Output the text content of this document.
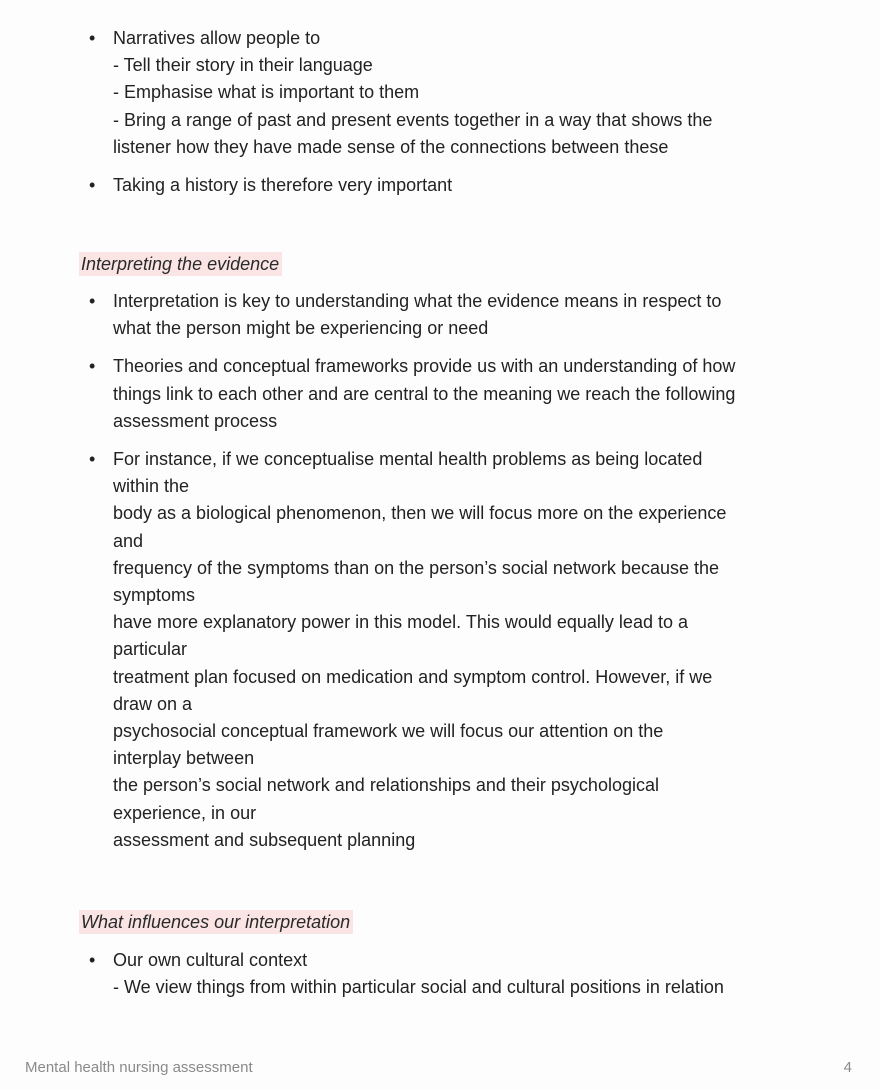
• Narratives allow people to
- Tell their story in their language
- Emphasise what is important to them
- Bring a range of past and present events together in a way that shows the
listener how they have made sense of the connections between these
• Taking a history is therefore very important
Interpreting the evidence
• Interpretation is key to understanding what the evidence means in respect to
what the person might be experiencing or need
• Theories and conceptual frameworks provide us with an understanding of how
things link to each other and are central to the meaning we reach the following
assessment process
• For instance, if we conceptualise mental health problems as being located
within the
body as a biological phenomenon, then we will focus more on the experience
and
frequency of the symptoms than on the person’s social network because the
symptoms
have more explanatory power in this model. This would equally lead to a
particular
treatment plan focused on medication and symptom control. However, if we
draw on a
psychosocial conceptual framework we will focus our attention on the
interplay between
the person’s social network and relationships and their psychological
experience, in our
assessment and subsequent planning
What influences our interpretation
• Our own cultural context
- We view things from within particular social and cultural positions in relation
Mental health nursing assessment	4
